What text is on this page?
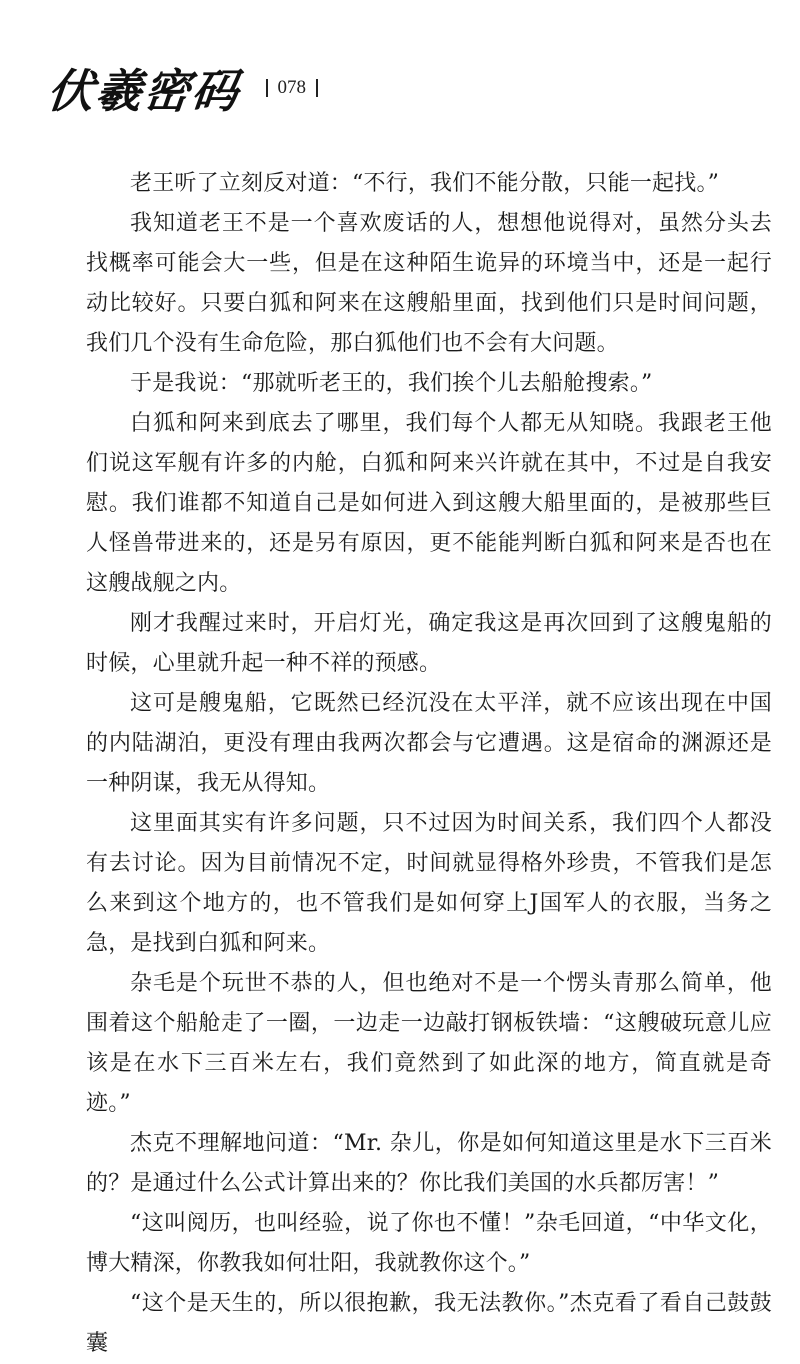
伏羲密码	078

老王听了立刻反对道：“不行，我们不能分散，只能一起找。”

我知道老王不是一个喜欢废话的人，想想他说得对，虽然分头去找概率可能会大一些，但是在这种陌生诡异的环境当中，还是一起行动比较好。只要白狐和阿来在这艘船里面，找到他们只是时间问题，我们几个没有生命危险，那白狐他们也不会有大问题。

于是我说：“那就听老王的，我们挨个儿去船舱搜索。”

白狐和阿来到底去了哪里，我们每个人都无从知晓。我跟老王他们说这军舰有许多的内舱，白狐和阿来兴许就在其中，不过是自我安慰。我们谁都不知道自己是如何进入到这艘大船里面的，是被那些巨人怪兽带进来的，还是另有原因，更不能能判断白狐和阿来是否也在这艘战舰之内。

刚才我醒过来时，开启灯光，确定我这是再次回到了这艘鬼船的时候，心里就升起一种不祥的预感。

这可是艘鬼船，它既然已经沉没在太平洋，就不应该出现在中国的内陆湖泊，更没有理由我两次都会与它遭遇。这是宿命的渊源还是一种阴谋，我无从得知。

这里面其实有许多问题，只不过因为时间关系，我们四个人都没有去讨论。因为目前情况不定，时间就显得格外珍贵，不管我们是怎么来到这个地方的，也不管我们是如何穿上J国军人的衣服，当务之急，是找到白狐和阿来。

杂毛是个玩世不恭的人，但也绝对不是一个愣头青那么简单，他围着这个船舱走了一圈，一边走一边敲打钢板铁墙：“这艘破玩意儿应该是在水下三百米左右，我们竟然到了如此深的地方，简直就是奇迹。”

杰克不理解地问道：“Mr. 杂儿，你是如何知道这里是水下三百米的？是通过什么公式计算出来的？你比我们美国的水兵都厉害！”

“这叫阅历，也叫经验，说了你也不懂！”杂毛回道，“中华文化，博大精深，你教我如何壮阳，我就教你这个。”

“这个是天生的，所以很抱歉，我无法教你。”杰克看了看自己鼓鼓囊
